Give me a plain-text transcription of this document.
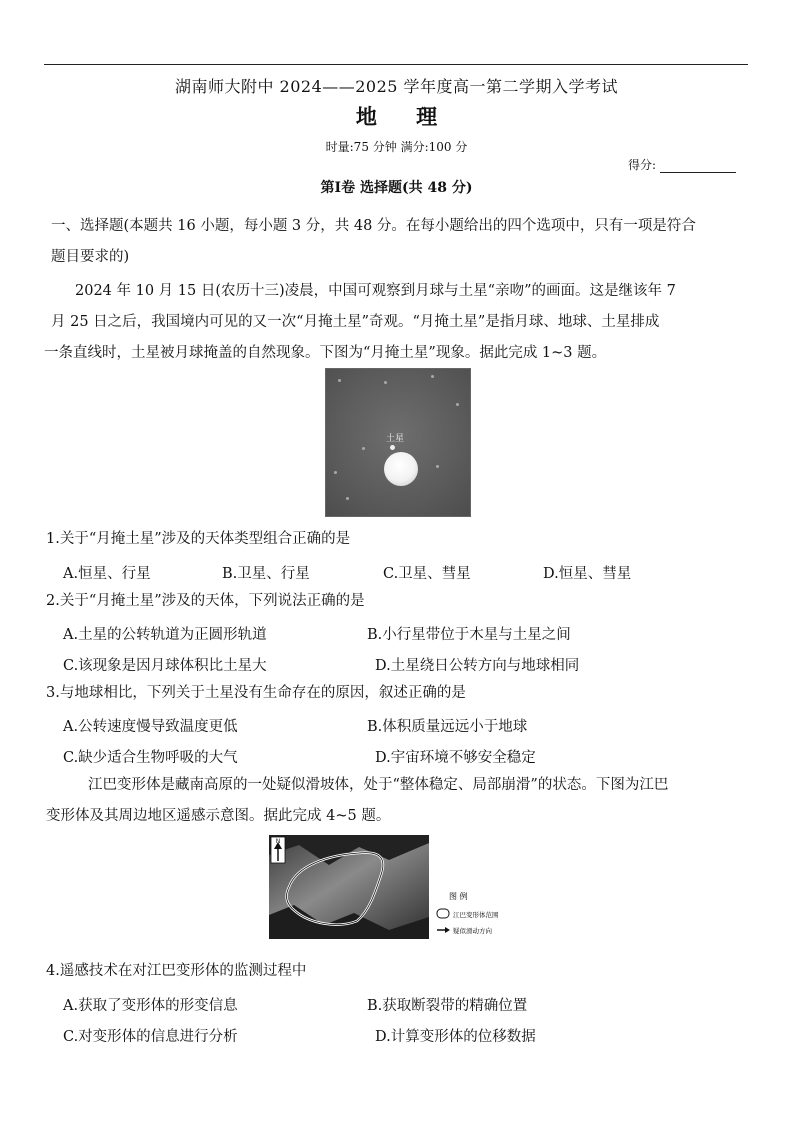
湖南师大附中 2024——2025 学年度高一第二学期入学考试
地 理
时量:75 分钟 满分:100 分
得分:
第Ⅰ卷 选择题(共 48 分)
一、选择题(本题共 16 小题，每小题 3 分，共 48 分。在每小题给出的四个选项中，只有一项是符合
题目要求的)
2024 年 10 月 15 日(农历十三)凌晨，中国可观察到月球与土星“亲吻”的画面。这是继该年 7
月 25 日之后，我国境内可见的又一次“月掩土星”奇观。“月掩土星”是指月球、地球、土星排成
一条直线时，土星被月球掩盖的自然现象。下图为“月掩土星”现象。据此完成 1~3 题。
土星
1.关于“月掩土星”涉及的天体类型组合正确的是
A.恒星、行星	B.卫星、行星	C.卫星、彗星	D.恒星、彗星
2.关于“月掩土星”涉及的天体，下列说法正确的是
A.土星的公转轨道为正圆形轨道	B.小行星带位于木星与土星之间
C.该现象是因月球体积比土星大	D.土星绕日公转方向与地球相同
3.与地球相比，下列关于土星没有生命存在的原因，叙述正确的是
A.公转速度慢导致温度更低	B.体积质量远远小于地球
C.缺少适合生物呼吸的大气	D.宇宙环境不够安全稳定
江巴变形体是藏南高原的一处疑似滑坡体，处于“整体稳定、局部崩滑”的状态。下图为江巴
变形体及其周边地区遥感示意图。据此完成 4~5 题。
N
图 例
江巴变形体范围
疑似滑动方向
4.遥感技术在对江巴变形体的监测过程中
A.获取了变形体的形变信息	B.获取断裂带的精确位置
C.对变形体的信息进行分析	D.计算变形体的位移数据
